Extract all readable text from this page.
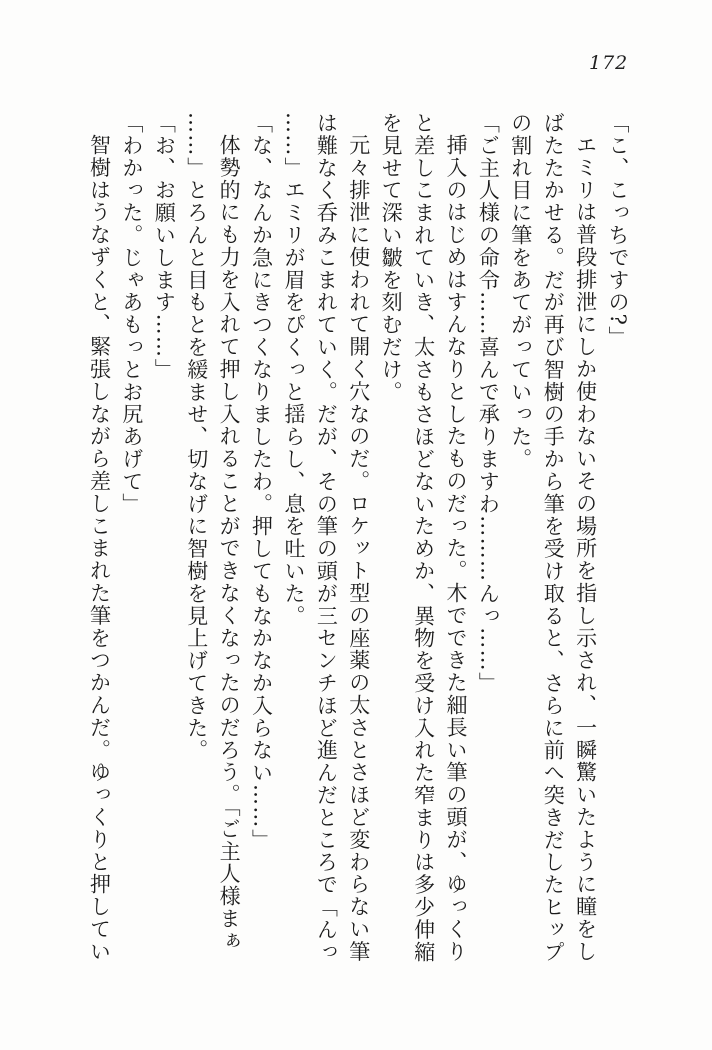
172
「こ、こっちですの?」
エミリは普段排泄にしか使わないその場所を指し示され、一瞬驚いたように瞳をし
ばたたかせる。だが再び智樹の手から筆を受け取ると、さらに前へ突きだしたヒップ
の割れ目に筆をあてがっていった。
「ご主人様の命令……喜んで承りますわ………んっ……」
挿入のはじめはすんなりとしたものだった。木でできた細長い筆の頭が、ゆっくり
と差しこまれていき、太さもさほどないためか、異物を受け入れた窄まりは多少伸縮
を見せて深い皺を刻むだけ。
元々排泄に使われて開く穴なのだ。ロケット型の座薬の太さとさほど変わらない筆
は難なく呑みこまれていく。だが、その筆の頭が三センチほど進んだところで「んっ
……」エミリが眉をぴくっと揺らし、息を吐いた。
「な、なんか急にきつくなりましたわ。押してもなかなか入らない……」
体勢的にも力を入れて押し入れることができなくなったのだろう。「ご主人様まぁ
……」とろんと目もとを緩ませ、切なげに智樹を見上げてきた。
「お、お願いします……」
「わかった。じゃあもっとお尻あげて」
智樹はうなずくと、緊張しながら差しこまれた筆をつかんだ。ゆっくりと押してい
